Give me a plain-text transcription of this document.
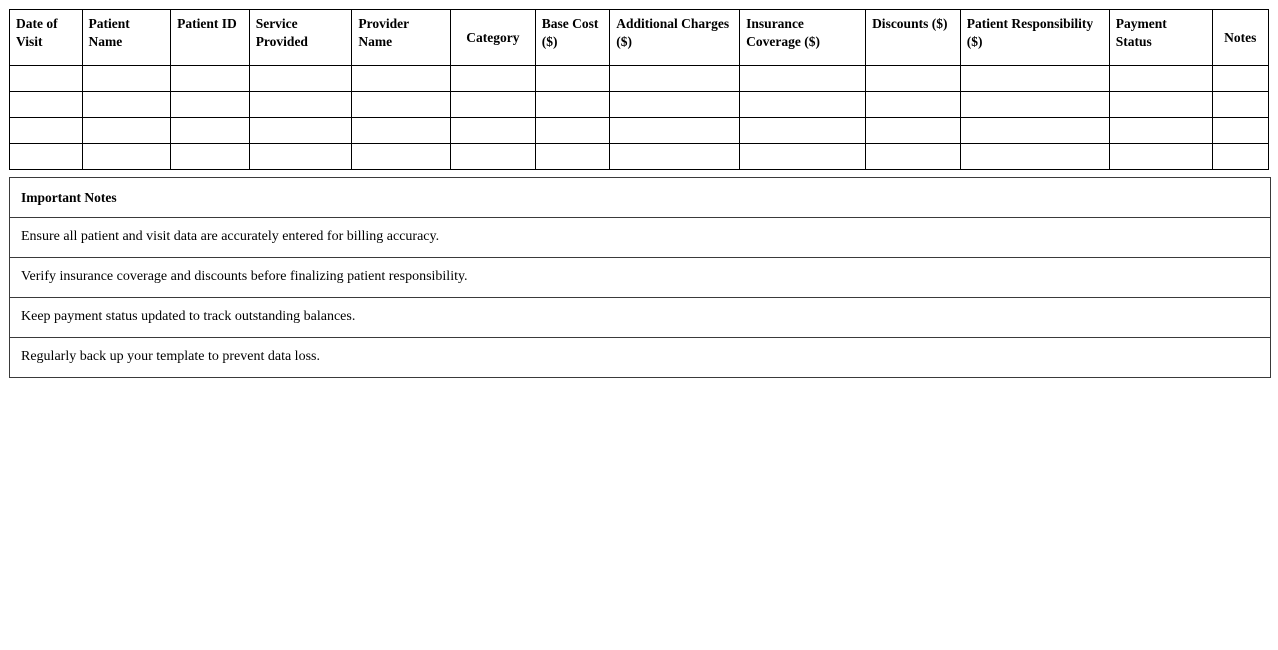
Date of Visit	Patient Name	Patient ID	Service Provided	Provider Name	Category	Base Cost ($)	Additional Charges ($)	Insurance Coverage ($)	Discounts ($)	Patient Responsibility ($)	Payment Status	Notes

Important Notes
Ensure all patient and visit data are accurately entered for billing accuracy.
Verify insurance coverage and discounts before finalizing patient responsibility.
Keep payment status updated to track outstanding balances.
Regularly back up your template to prevent data loss.
